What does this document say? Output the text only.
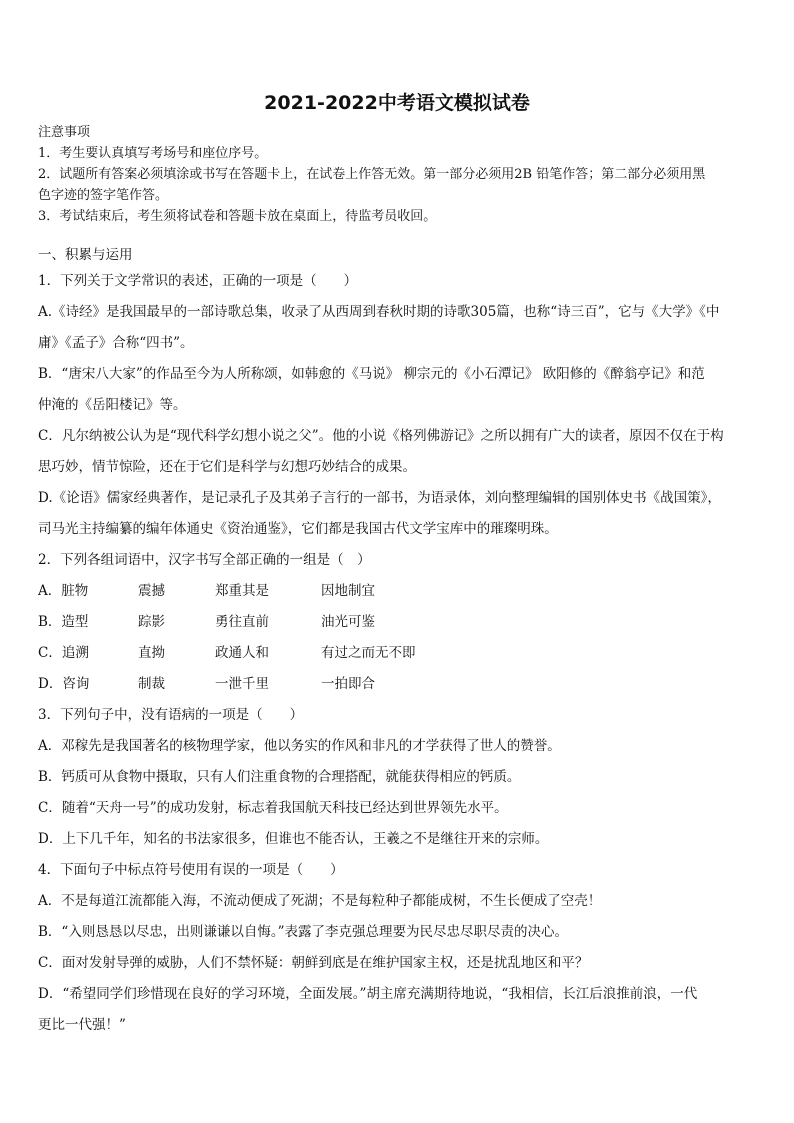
2021-2022中考语文模拟试卷
注意事项
1．考生要认真填写考场号和座位序号。
2．试题所有答案必须填涂或书写在答题卡上，在试卷上作答无效。第一部分必须用2B 铅笔作答；第二部分必须用黑
色字迹的签字笔作答。
3．考试结束后，考生须将试卷和答题卡放在桌面上，待监考员收回。
一、积累与运用
1．下列关于文学常识的表述，正确的一项是（　　）
A.《诗经》是我国最早的一部诗歌总集，收录了从西周到春秋时期的诗歌305篇，也称“诗三百”，它与《大学》《中
庸》《孟子》合称“四书”。
B．“唐宋八大家”的作品至今为人所称颂，如韩愈的《马说》 柳宗元的《小石潭记》 欧阳修的《醉翁亭记》和范
仲淹的《岳阳楼记》等。
C．凡尔纳被公认为是“现代科学幻想小说之父”。他的小说《格列佛游记》之所以拥有广大的读者，原因不仅在于构
思巧妙，情节惊险，还在于它们是科学与幻想巧妙结合的成果。
D.《论语》儒家经典著作，是记录孔子及其弟子言行的一部书，为语录体，刘向整理编辑的国别体史书《战国策》，
司马光主持编纂的编年体通史《资治通鉴》，它们都是我国古代文学宝库中的璀璨明珠。
2．下列各组词语中，汉字书写全部正确的一组是（　）
A．脏物	震撼	郑重其是	因地制宜
B．造型	踪影	勇往直前	油光可鉴
C．追溯	直拗	政通人和	有过之而无不即
D．咨询	制裁	一泄千里	一拍即合
3．下列句子中，没有语病的一项是（　　）
A．邓稼先是我国著名的核物理学家，他以务实的作风和非凡的才学获得了世人的赞誉。
B．钙质可从食物中摄取，只有人们注重食物的合理搭配，就能获得相应的钙质。
C．随着“天舟一号”的成功发射，标志着我国航天科技已经达到世界领先水平。
D．上下几千年，知名的书法家很多，但谁也不能否认，王羲之不是继往开来的宗师。
4．下面句子中标点符号使用有误的一项是（　　）
A．不是每道江流都能入海，不流动便成了死湖；不是每粒种子都能成树，不生长便成了空壳！
B．“入则恳恳以尽忠，出则谦谦以自悔。”表露了李克强总理要为民尽忠尽职尽责的决心。
C．面对发射导弹的威胁，人们不禁怀疑：朝鲜到底是在维护国家主权，还是扰乱地区和平？
D．“希望同学们珍惜现在良好的学习环境，全面发展。”胡主席充满期待地说，“我相信，长江后浪推前浪，一代
更比一代强！”
